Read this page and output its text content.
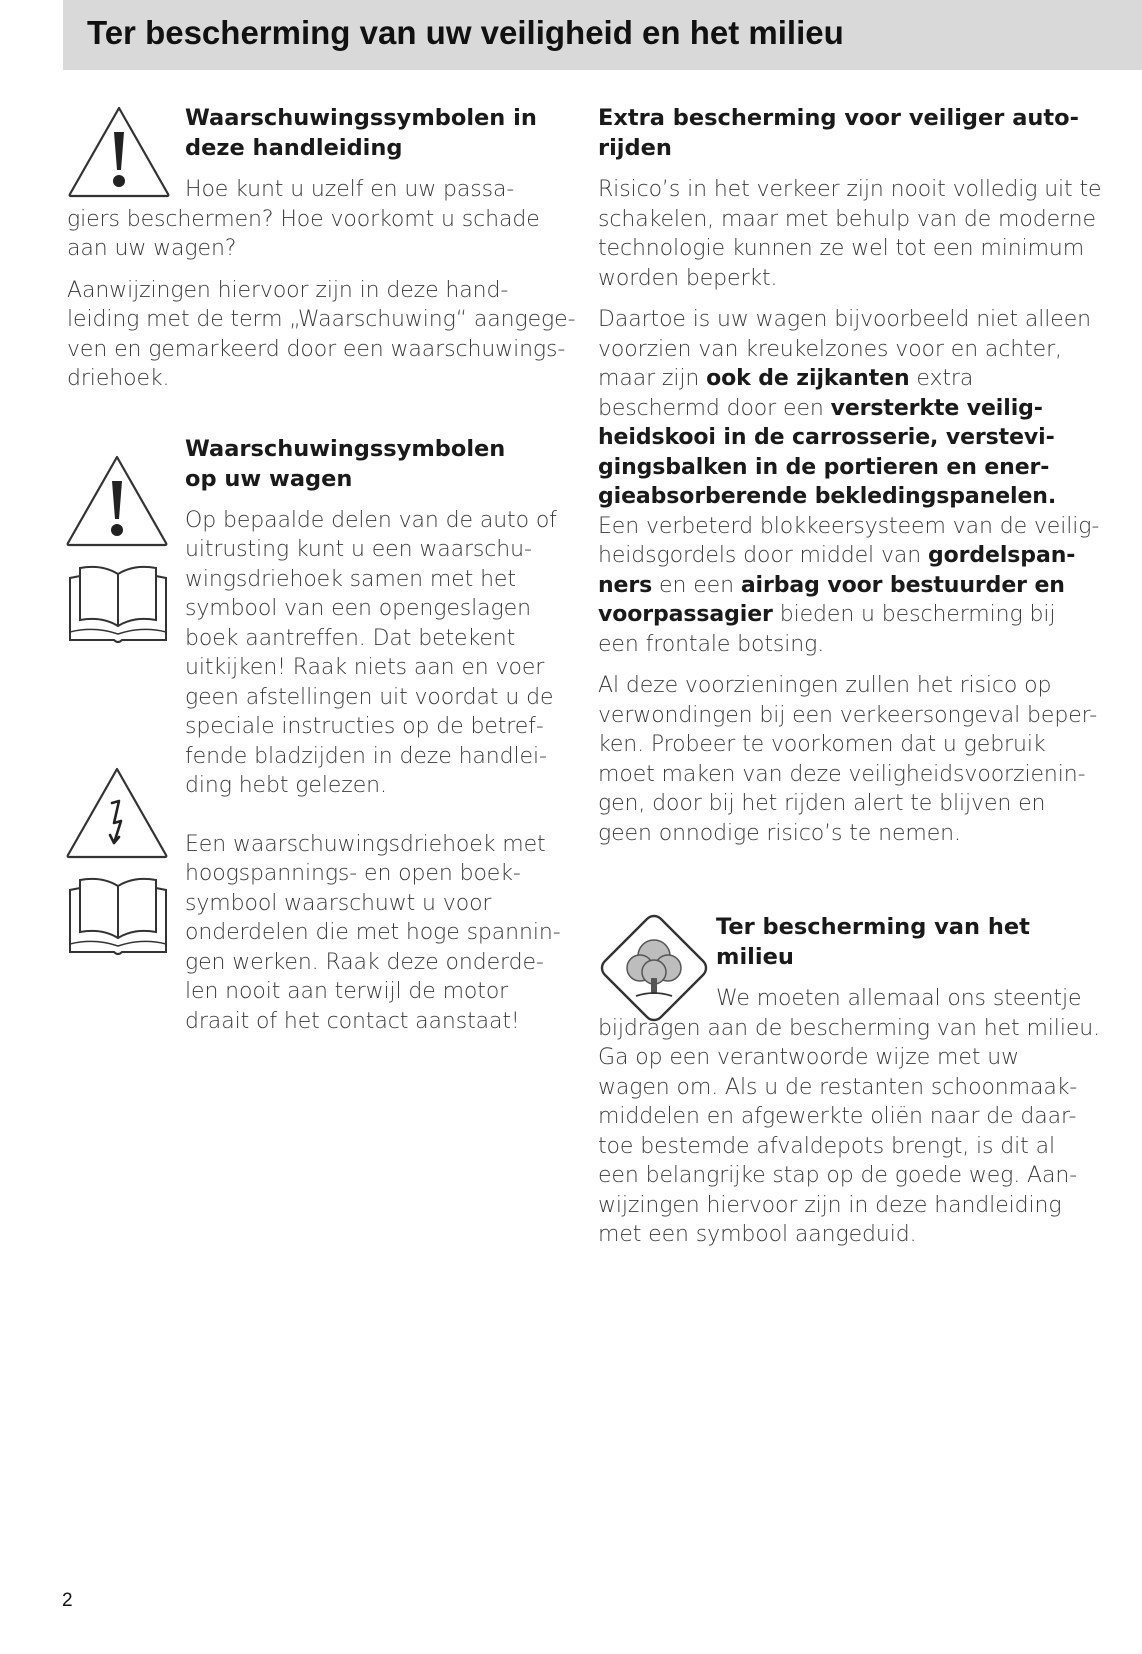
Ter bescherming van uw veiligheid en het milieu
Waarschuwingssymbolen in
deze handleiding

Hoe kunt u uzelf en uw passa-
giers beschermen? Hoe voorkomt u schade
aan uw wagen?

Aanwijzingen hiervoor zijn in deze hand-
leiding met de term „Waarschuwing“ aangege-
ven en gemarkeerd door een waarschuwings-
driehoek.

Waarschuwingssymbolen
op uw wagen

Op bepaalde delen van de auto of
uitrusting kunt u een waarschu-
wingsdriehoek samen met het
symbool van een opengeslagen
boek aantreffen. Dat betekent
uitkijken! Raak niets aan en voer
geen afstellingen uit voordat u de
speciale instructies op de betref-
fende bladzijden in deze handlei-
ding hebt gelezen.

Een waarschuwingsdriehoek met
hoogspannings- en open boek-
symbool waarschuwt u voor
onderdelen die met hoge spannin-
gen werken. Raak deze onderde-
len nooit aan terwijl de motor
draait of het contact aanstaat!

Extra bescherming voor veiliger auto-
rijden

Risico’s in het verkeer zijn nooit volledig uit te
schakelen, maar met behulp van de moderne
technologie kunnen ze wel tot een minimum
worden beperkt.

Daartoe is uw wagen bijvoorbeeld niet alleen
voorzien van kreukelzones voor en achter,
maar zijn ook de zijkanten extra
beschermd door een versterkte veilig-
heidskooi in de carrosserie, verstevi-
gingsbalken in de portieren en ener-
gieabsorberende bekledingspanelen.
Een verbeterd blokkeersysteem van de veilig-
heidsgordels door middel van gordelspan-
ners en een airbag voor bestuurder en
voorpassagier bieden u bescherming bij
een frontale botsing.

Al deze voorzieningen zullen het risico op
verwondingen bij een verkeersongeval beper-
ken. Probeer te voorkomen dat u gebruik
moet maken van deze veiligheidsvoorzienin-
gen, door bij het rijden alert te blijven en
geen onnodige risico’s te nemen.

Ter bescherming van het
milieu

We moeten allemaal ons steentje
bijdragen aan de bescherming van het milieu.
Ga op een verantwoorde wijze met uw
wagen om. Als u de restanten schoonmaak-
middelen en afgewerkte oliën naar de daar-
toe bestemde afvaldepots brengt, is dit al
een belangrijke stap op de goede weg. Aan-
wijzingen hiervoor zijn in deze handleiding
met een symbool aangeduid.

2
